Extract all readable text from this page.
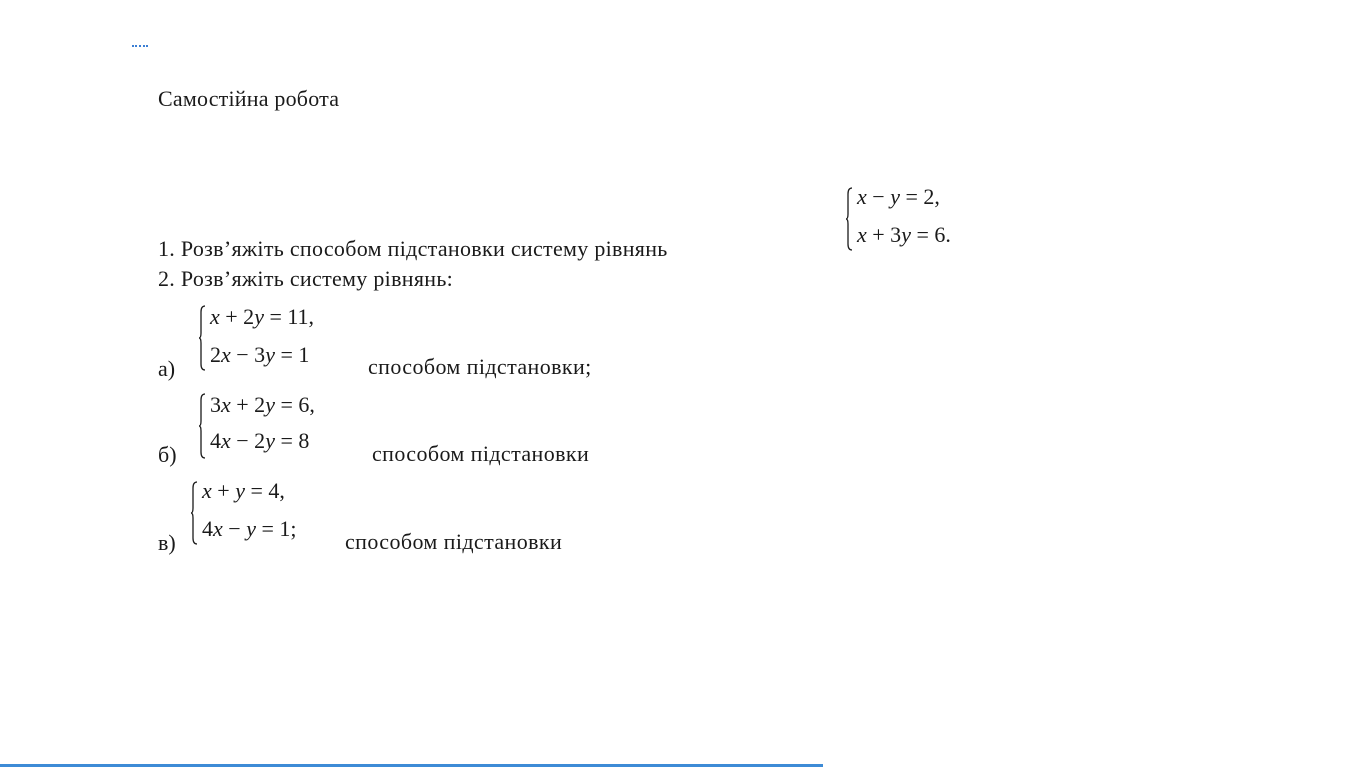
Самостійна робота
1. Розв’яжіть способом підстановки систему рівнянь
x − y = 2,
x + 3y = 6.
2. Розв’яжіть систему рівнянь:
а)
x + 2y = 11,
2x − 3y = 1	способом підстановки;
б)
3x + 2y = 6,
4x − 2y = 8
способом підстановки
в)
x + y = 4,
4x − y = 1;
способом підстановки
